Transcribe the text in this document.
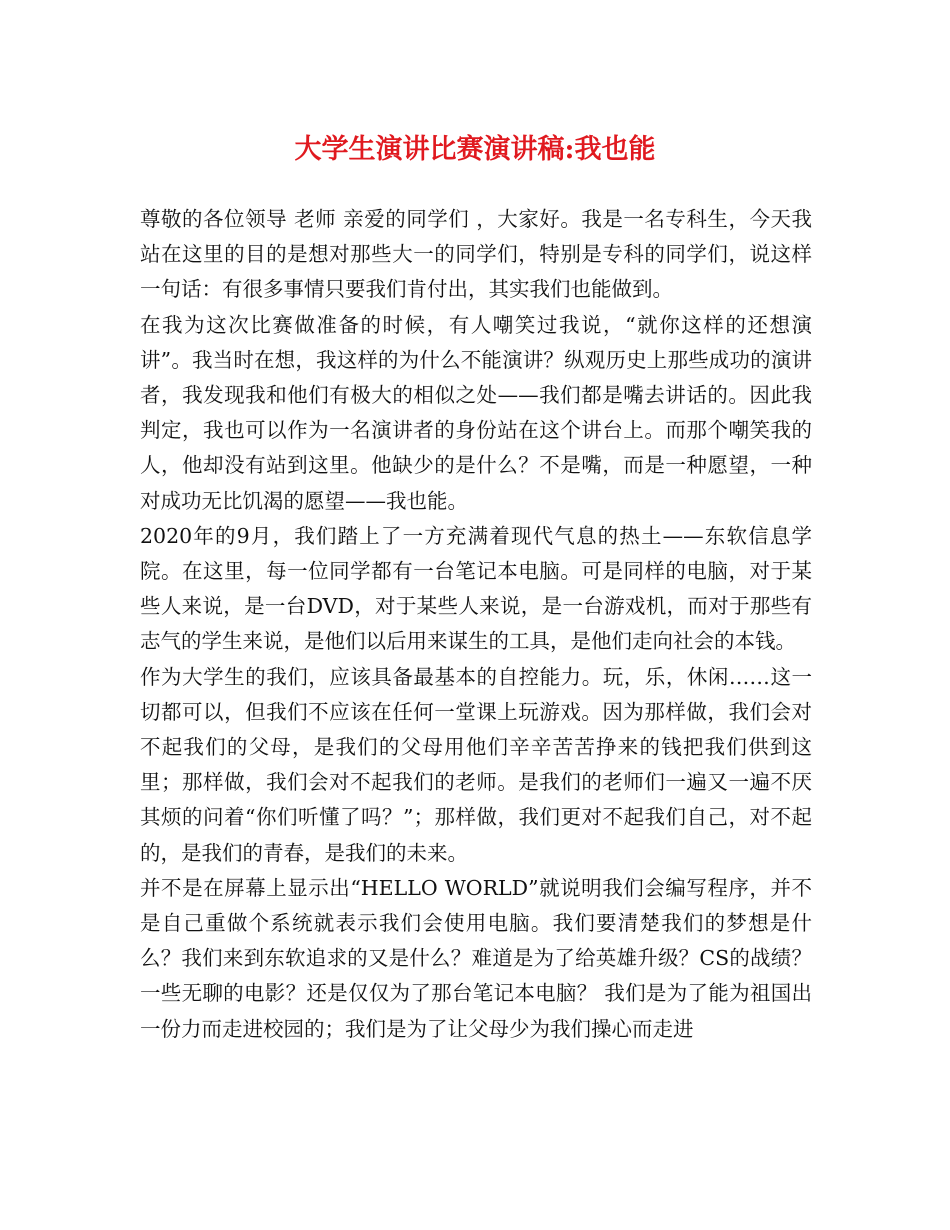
大学生演讲比赛演讲稿:我也能

尊敬的各位领导 老师 亲爱的同学们 ，大家好。我是一名专科生，今天我站在这里的目的是想对那些大一的同学们，特别是专科的同学们，说这样一句话：有很多事情只要我们肯付出，其实我们也能做到。

在我为这次比赛做准备的时候，有人嘲笑过我说，“就你这样的还想演讲”。我当时在想，我这样的为什么不能演讲？纵观历史上那些成功的演讲者，我发现我和他们有极大的相似之处——我们都是嘴去讲话的。因此我判定，我也可以作为一名演讲者的身份站在这个讲台上。而那个嘲笑我的人，他却没有站到这里。他缺少的是什么？不是嘴，而是一种愿望，一种对成功无比饥渴的愿望——我也能。

2020年的9月，我们踏上了一方充满着现代气息的热土——东软信息学院。在这里，每一位同学都有一台笔记本电脑。可是同样的电脑，对于某些人来说，是一台DVD，对于某些人来说，是一台游戏机，而对于那些有志气的学生来说，是他们以后用来谋生的工具，是他们走向社会的本钱。

作为大学生的我们，应该具备最基本的自控能力。玩，乐，休闲……这一切都可以，但我们不应该在任何一堂课上玩游戏。因为那样做，我们会对不起我们的父母，是我们的父母用他们辛辛苦苦挣来的钱把我们供到这里；那样做，我们会对不起我们的老师。是我们的老师们一遍又一遍不厌其烦的问着“你们听懂了吗？”；那样做，我们更对不起我们自己，对不起的，是我们的青春，是我们的未来。

并不是在屏幕上显示出“HELLO WORLD”就说明我们会编写程序，并不是自己重做个系统就表示我们会使用电脑。我们要清楚我们的梦想是什么？我们来到东软追求的又是什么？难道是为了给英雄升级？CS的战绩？一些无聊的电影？还是仅仅为了那台笔记本电脑？ 我们是为了能为祖国出一份力而走进校园的；我们是为了让父母少为我们操心而走进
